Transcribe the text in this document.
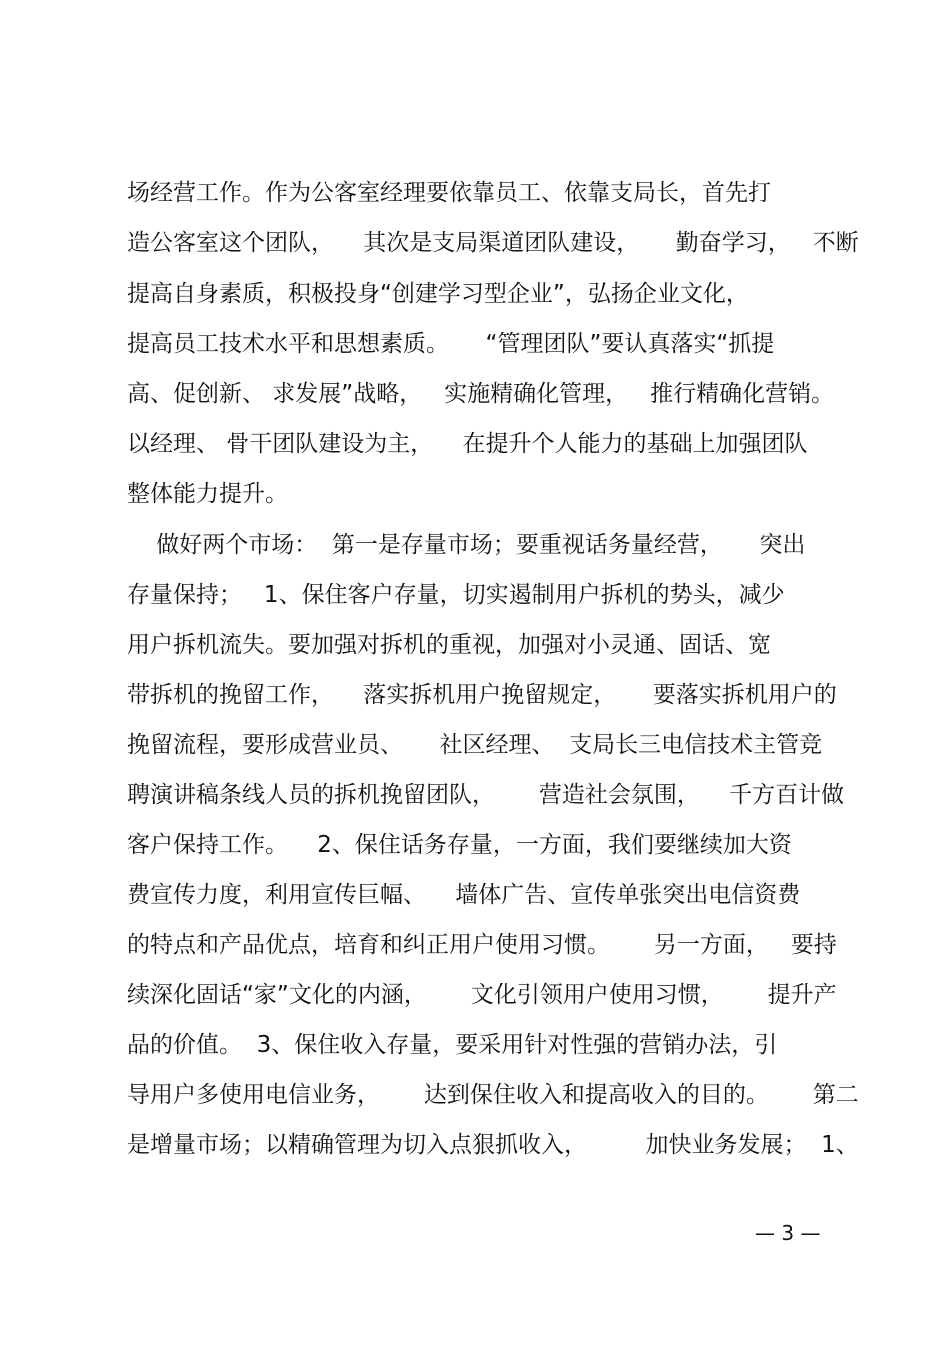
场经营工作。作为公客室经理要依靠员工、依靠支局长，首先打
造公客室这个团队，    其次是支局渠道团队建设，     勤奋学习，   不断
提高自身素质，积极投身“创建学习型企业”，弘扬企业文化，
提高员工技术水平和思想素质。     “管理团队”要认真落实“抓提
高、促创新、 求发展”战略，   实施精确化管理，   推行精确化营销。
以经理、 骨干团队建设为主，    在提升个人能力的基础上加强团队
整体能力提升。
做好两个市场：  第一是存量市场；要重视话务量经营，     突出
存量保持；   1、保住客户存量，切实遏制用户拆机的势头，减少
用户拆机流失。要加强对拆机的重视，加强对小灵通、固话、宽
带拆机的挽留工作，    落实拆机用户挽留规定，     要落实拆机用户的
挽留流程，要形成营业员、     社区经理、  支局长三电信技术主管竞
聘演讲稿条线人员的拆机挽留团队，      营造社会氛围，    千方百计做
客户保持工作。    2、保住话务存量，一方面，我们要继续加大资
费宣传力度，利用宣传巨幅、    墙体广告、宣传单张突出电信资费
的特点和产品优点，培育和纠正用户使用习惯。      另一方面，   要持
续深化固话“家”文化的内涵，      文化引领用户使用习惯，      提升产
品的价值。  3、保住收入存量，要采用针对性强的营销办法，引
导用户多使用电信业务，      达到保住收入和提高收入的目的。      第二
是增量市场；以精确管理为切入点狠抓收入，        加快业务发展；  1、
— 3 —
